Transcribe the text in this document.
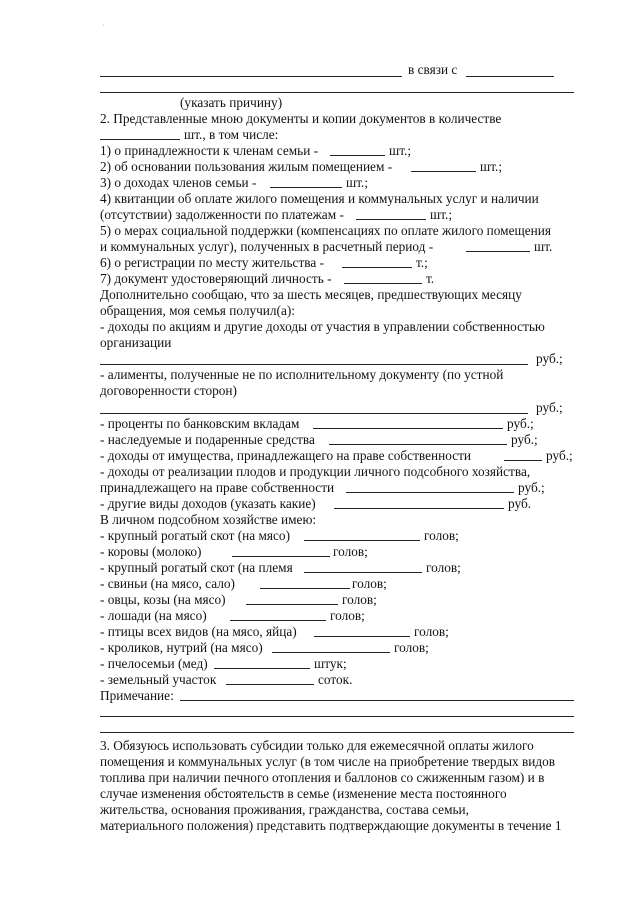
·
в связи с
(указать причину)
2. Представленные мною документы и копии документов в количестве
шт., в том числе:
1) о принадлежности к членам семьи -	шт.;
2) об основании пользования жилым помещением -	шт.;
3) о доходах членов семьи -	шт.;
4) квитанции об оплате жилого помещения и коммунальных услуг и наличии
(отсутствии) задолженности по платежам -	шт.;
5) о мерах социальной поддержки (компенсациях по оплате жилого помещения
и коммунальных услуг), полученных в расчетный период -	шт.
6) о регистрации по месту жительства -	т.;
7) документ удостоверяющий личность -	т.
Дополнительно сообщаю, что за шесть месяцев, предшествующих месяцу
обращения, моя семья получил(а):
- доходы по акциям и другие доходы от участия в управлении собственностью
организации
руб.;
- алименты, полученные не по исполнительному документу (по устной
договоренности сторон)
руб.;
- проценты по банковским вкладам	руб.;
- наследуемые и подаренные средства	руб.;
- доходы от имущества, принадлежащего на праве собственности	руб.;
- доходы от реализации плодов и продукции личного подсобного хозяйства,
принадлежащего на праве собственности	руб.;
- другие виды доходов (указать какие)	руб.
В личном подсобном хозяйстве имею:
- крупный рогатый скот (на мясо)	голов;
- коровы (молоко)	голов;
- крупный рогатый скот (на племя	голов;
- свиньи (на мясо, сало)	голов;
- овцы, козы (на мясо)	голов;
- лошади (на мясо)	голов;
- птицы всех видов (на мясо, яйца)	голов;
- кроликов, нутрий (на мясо)	голов;
- пчелосемьи (мед)	штук;
- земельный участок	соток.
Примечание:
3. Обязуюсь использовать субсидии только для ежемесячной оплаты жилого
помещения и коммунальных услуг (в том числе на приобретение твердых видов
топлива при наличии печного отопления и баллонов со сжиженным газом) и в
случае изменения обстоятельств в семье (изменение места постоянного
жительства, основания проживания, гражданства, состава семьи,
материального положения) представить подтверждающие документы в течение 1
